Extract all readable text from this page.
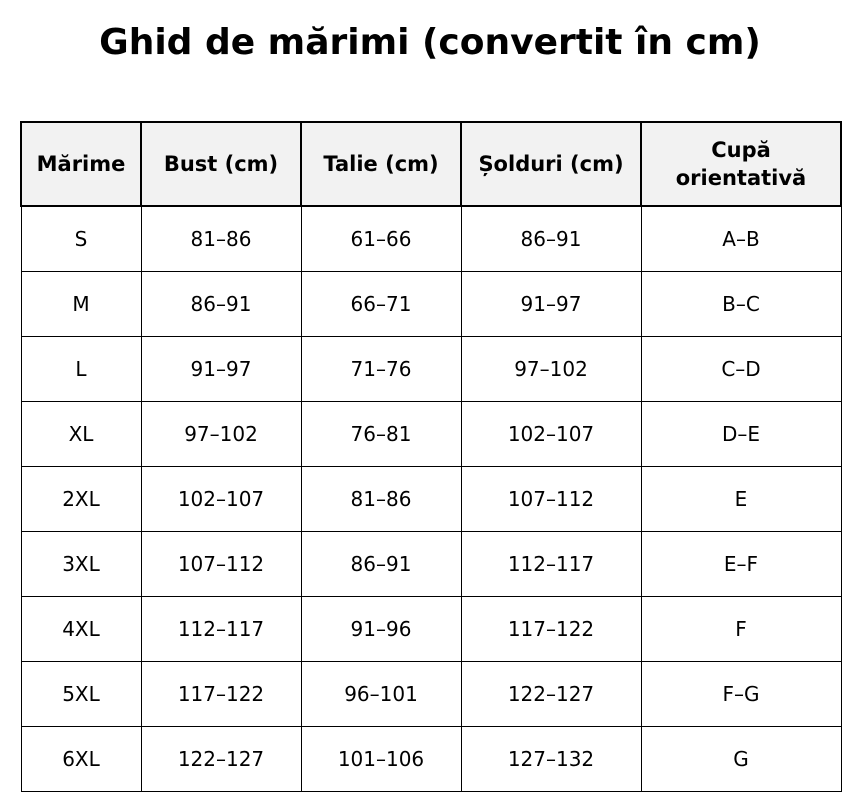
Ghid de mărimi (convertit în cm)
Mărime	Bust (cm)	Talie (cm)	Șolduri (cm)	Cupă orientativă
S	81–86	61–66	86–91	A–B
M	86–91	66–71	91–97	B–C
L	91–97	71–76	97–102	C–D
XL	97–102	76–81	102–107	D–E
2XL	102–107	81–86	107–112	E
3XL	107–112	86–91	112–117	E–F
4XL	112–117	91–96	117–122	F
5XL	117–122	96–101	122–127	F–G
6XL	122–127	101–106	127–132	G
